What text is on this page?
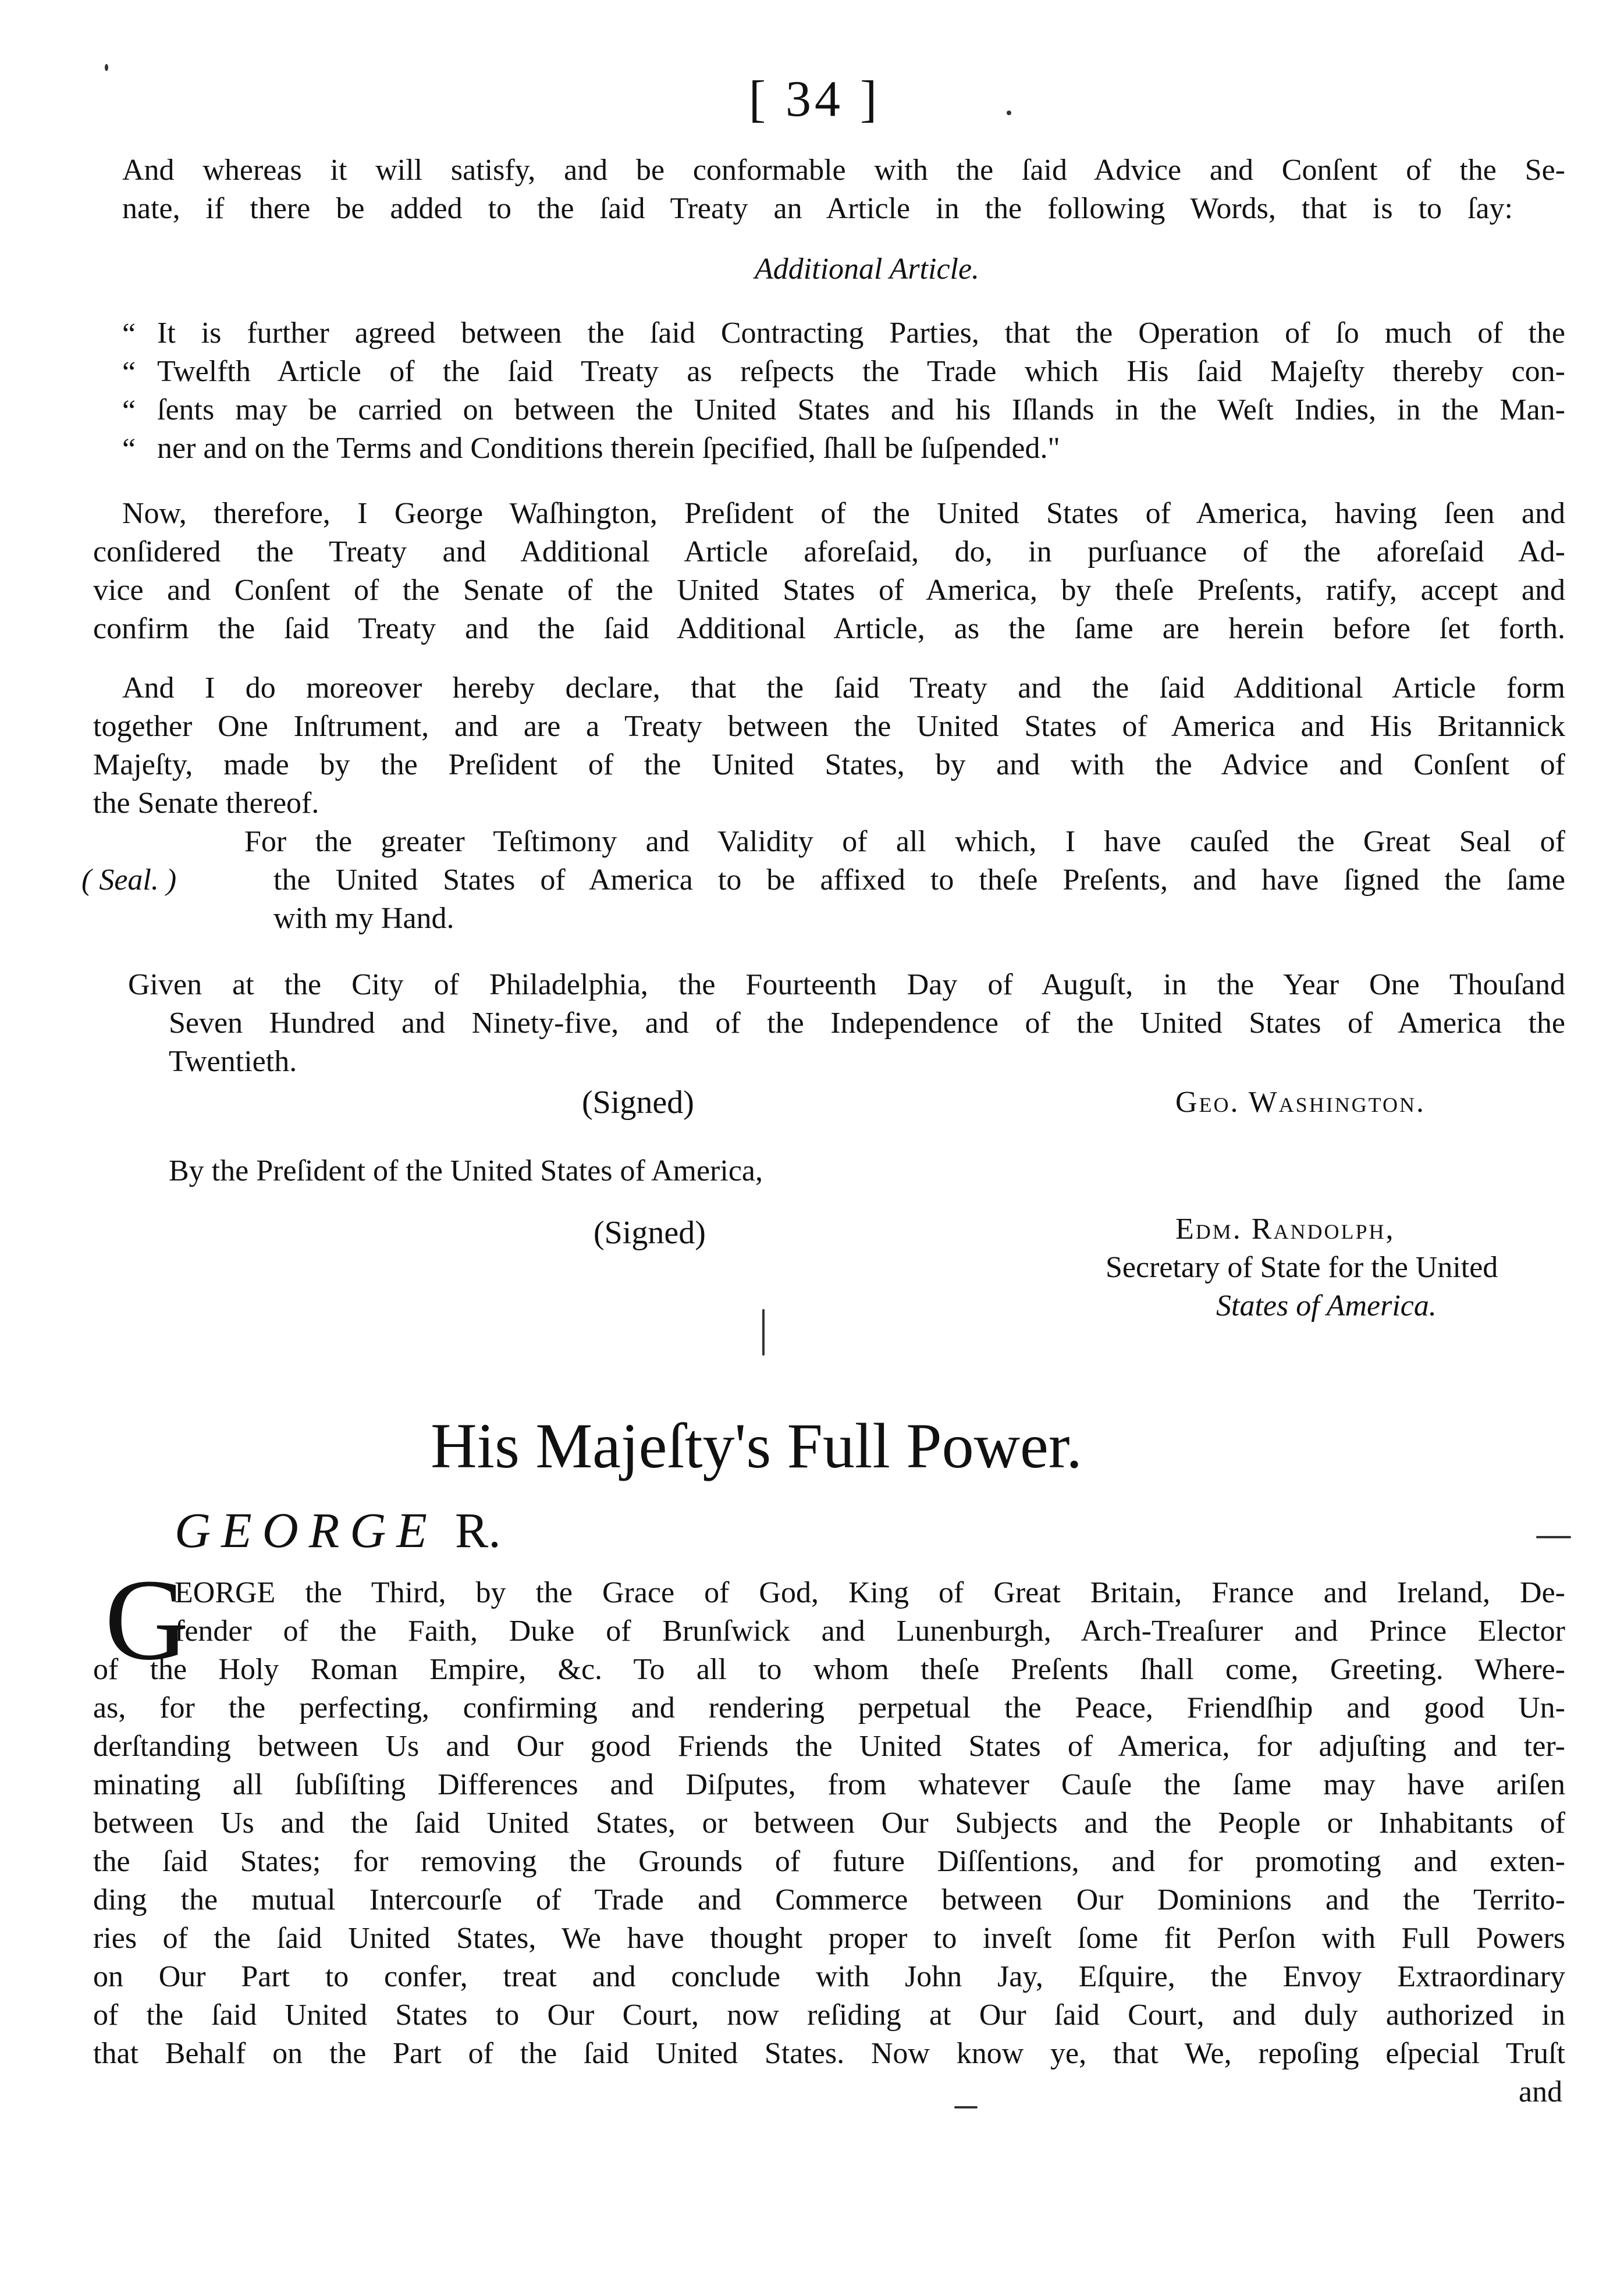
[ 34 ]
And whereas it will satisfy, and be conformable with the ſaid Advice and Conſent of the Se-
nate, if there be added to the ſaid Treaty an Article in the following Words, that is to ſay:
Additional Article.
“
“
“
“
It is further agreed between the ſaid Contracting Parties, that the Operation of ſo much of the
Twelfth Article of the ſaid Treaty as reſpects the Trade which His ſaid Majeſty thereby con-
ſents may be carried on between the United States and his Iſlands in the Weſt Indies, in the Man-
ner and on the Terms and Conditions therein ſpecified, ſhall be ſuſpended."
Now, therefore, I George Waſhington, Preſident of the United States of America, having ſeen and
conſidered the Treaty and Additional Article aforeſaid, do, in purſuance of the aforeſaid Ad-
vice and Conſent of the Senate of the United States of America, by theſe Preſents, ratify, accept and
confirm the ſaid Treaty and the ſaid Additional Article, as the ſame are herein before ſet forth.
And I do moreover hereby declare, that the ſaid Treaty and the ſaid Additional Article form
together One Inſtrument, and are a Treaty between the United States of America and His Britannick
Majeſty, made by the Preſident of the United States, by and with the Advice and Conſent of
the Senate thereof.
For the greater Teſtimony and Validity of all which, I have cauſed the Great Seal of
( Seal. )	the United States of America to be affixed to theſe Preſents, and have ſigned the ſame
with my Hand.
Given at the City of Philadelphia, the Fourteenth Day of Auguſt, in the Year One Thouſand
Seven Hundred and Ninety-five, and of the Independence of the United States of America the
Twentieth.
(Signed)	Geo. Washington.
By the Preſident of the United States of America,
(Signed)	Edm. Randolph,
Secretary of State for the United
States of America.
His Majeſty's Full Power.
GEORGE R.
G
EORGE the Third, by the Grace of God, King of Great Britain, France and Ireland, De-
fender of the Faith, Duke of Brunſwick and Lunenburgh, Arch-Treaſurer and Prince Elector
of the Holy Roman Empire, &c. To all to whom theſe Preſents ſhall come, Greeting. Where-
as, for the perfecting, confirming and rendering perpetual the Peace, Friendſhip and good Un-
derſtanding between Us and Our good Friends the United States of America, for adjuſting and ter-
minating all ſubſiſting Differences and Diſputes, from whatever Cauſe the ſame may have ariſen
between Us and the ſaid United States, or between Our Subjects and the People or Inhabitants of
the ſaid States; for removing the Grounds of future Diſſentions, and for promoting and exten-
ding the mutual Intercourſe of Trade and Commerce between Our Dominions and the Territo-
ries of the ſaid United States, We have thought proper to inveſt ſome fit Perſon with Full Powers
on Our Part to confer, treat and conclude with John Jay, Eſquire, the Envoy Extraordinary
of the ſaid United States to Our Court, now reſiding at Our ſaid Court, and duly authorized in
that Behalf on the Part of the ſaid United States. Now know ye, that We, repoſing eſpecial Truſt
and
